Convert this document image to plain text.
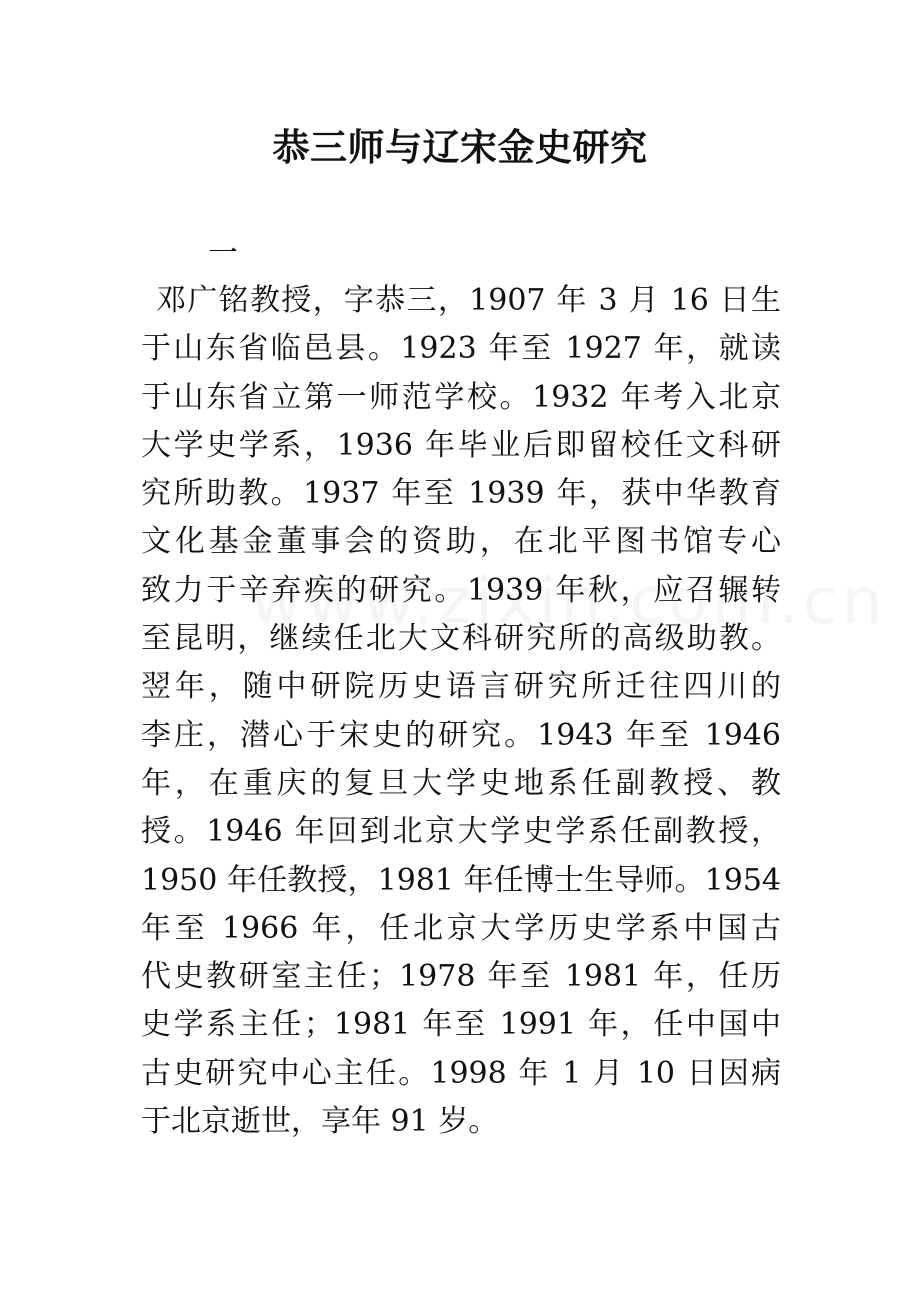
恭三师与辽宋金史研究
一
邓广铭教授，字恭三，1907 年 3 月 16 日生
于山东省临邑县。1923 年至 1927 年，就读
于山东省立第一师范学校。1932 年考入北京
大学史学系，1936 年毕业后即留校任文科研
究所助教。1937 年至 1939 年，获中华教育
文化基金董事会的资助，在北平图书馆专心
致力于辛弃疾的研究。1939 年秋，应召辗转
至昆明，继续任北大文科研究所的高级助教。
翌年，随中研院历史语言研究所迁往四川的
李庄，潜心于宋史的研究。1943 年至 1946
年，在重庆的复旦大学史地系任副教授、教
授。1946 年回到北京大学史学系任副教授，
1950 年任教授，1981 年任博士生导师。1954
年至 1966 年，任北京大学历史学系中国古
代史教研室主任；1978 年至 1981 年，任历
史学系主任；1981 年至 1991 年，任中国中
古史研究中心主任。1998 年 1 月 10 日因病
于北京逝世，享年 91 岁。
